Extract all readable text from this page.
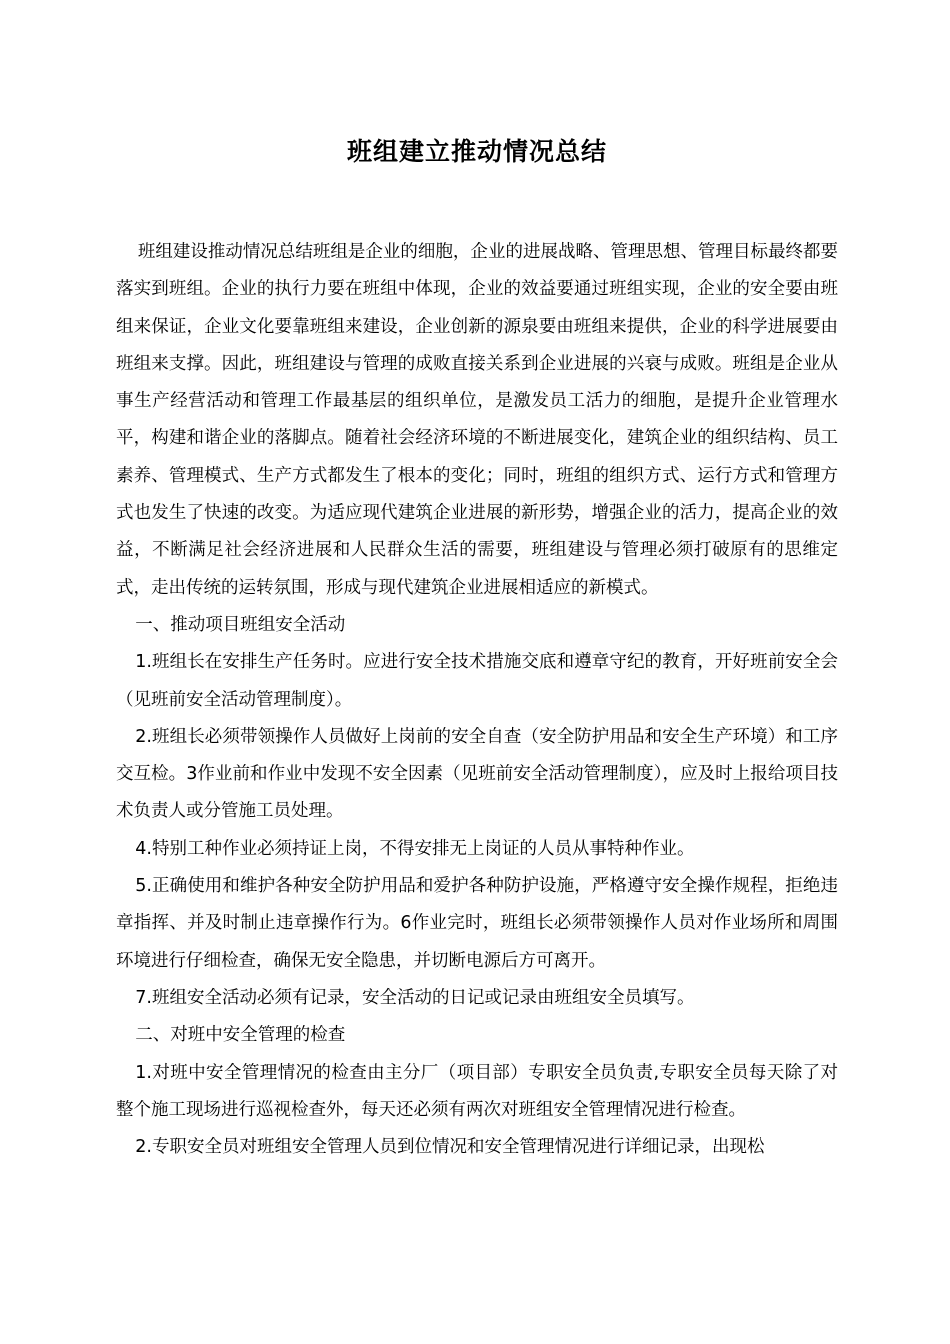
班组建立推动情况总结

班组建设推动情况总结班组是企业的细胞，企业的进展战略、管理思想、管理目标最终都要落实到班组。企业的执行力要在班组中体现，企业的效益要通过班组实现，企业的安全要由班组来保证，企业文化要靠班组来建设，企业创新的源泉要由班组来提供，企业的科学进展要由班组来支撑。因此，班组建设与管理的成败直接关系到企业进展的兴衰与成败。班组是企业从事生产经营活动和管理工作最基层的组织单位，是激发员工活力的细胞，是提升企业管理水平，构建和谐企业的落脚点。随着社会经济环境的不断进展变化，建筑企业的组织结构、员工素养、管理模式、生产方式都发生了根本的变化；同时，班组的组织方式、运行方式和管理方式也发生了快速的改变。为适应现代建筑企业进展的新形势，增强企业的活力，提高企业的效益，不断满足社会经济进展和人民群众生活的需要，班组建设与管理必须打破原有的思维定式，走出传统的运转氛围，形成与现代建筑企业进展相适应的新模式。

一、推动项目班组安全活动

1.班组长在安排生产任务时。应进行安全技术措施交底和遵章守纪的教育，开好班前安全会（见班前安全活动管理制度）。

2.班组长必须带领操作人员做好上岗前的安全自查（安全防护用品和安全生产环境）和工序交互检。3作业前和作业中发现不安全因素（见班前安全活动管理制度），应及时上报给项目技术负责人或分管施工员处理。

4.特别工种作业必须持证上岗，不得安排无上岗证的人员从事特种作业。

5.正确使用和维护各种安全防护用品和爱护各种防护设施，严格遵守安全操作规程，拒绝违章指挥、并及时制止违章操作行为。6作业完时，班组长必须带领操作人员对作业场所和周围环境进行仔细检查，确保无安全隐患，并切断电源后方可离开。

7.班组安全活动必须有记录，安全活动的日记或记录由班组安全员填写。

二、对班中安全管理的检查

1.对班中安全管理情况的检查由主分厂（项目部）专职安全员负责,专职安全员每天除了对整个施工现场进行巡视检查外，每天还必须有两次对班组安全管理情况进行检查。

2.专职安全员对班组安全管理人员到位情况和安全管理情况进行详细记录，出现松
